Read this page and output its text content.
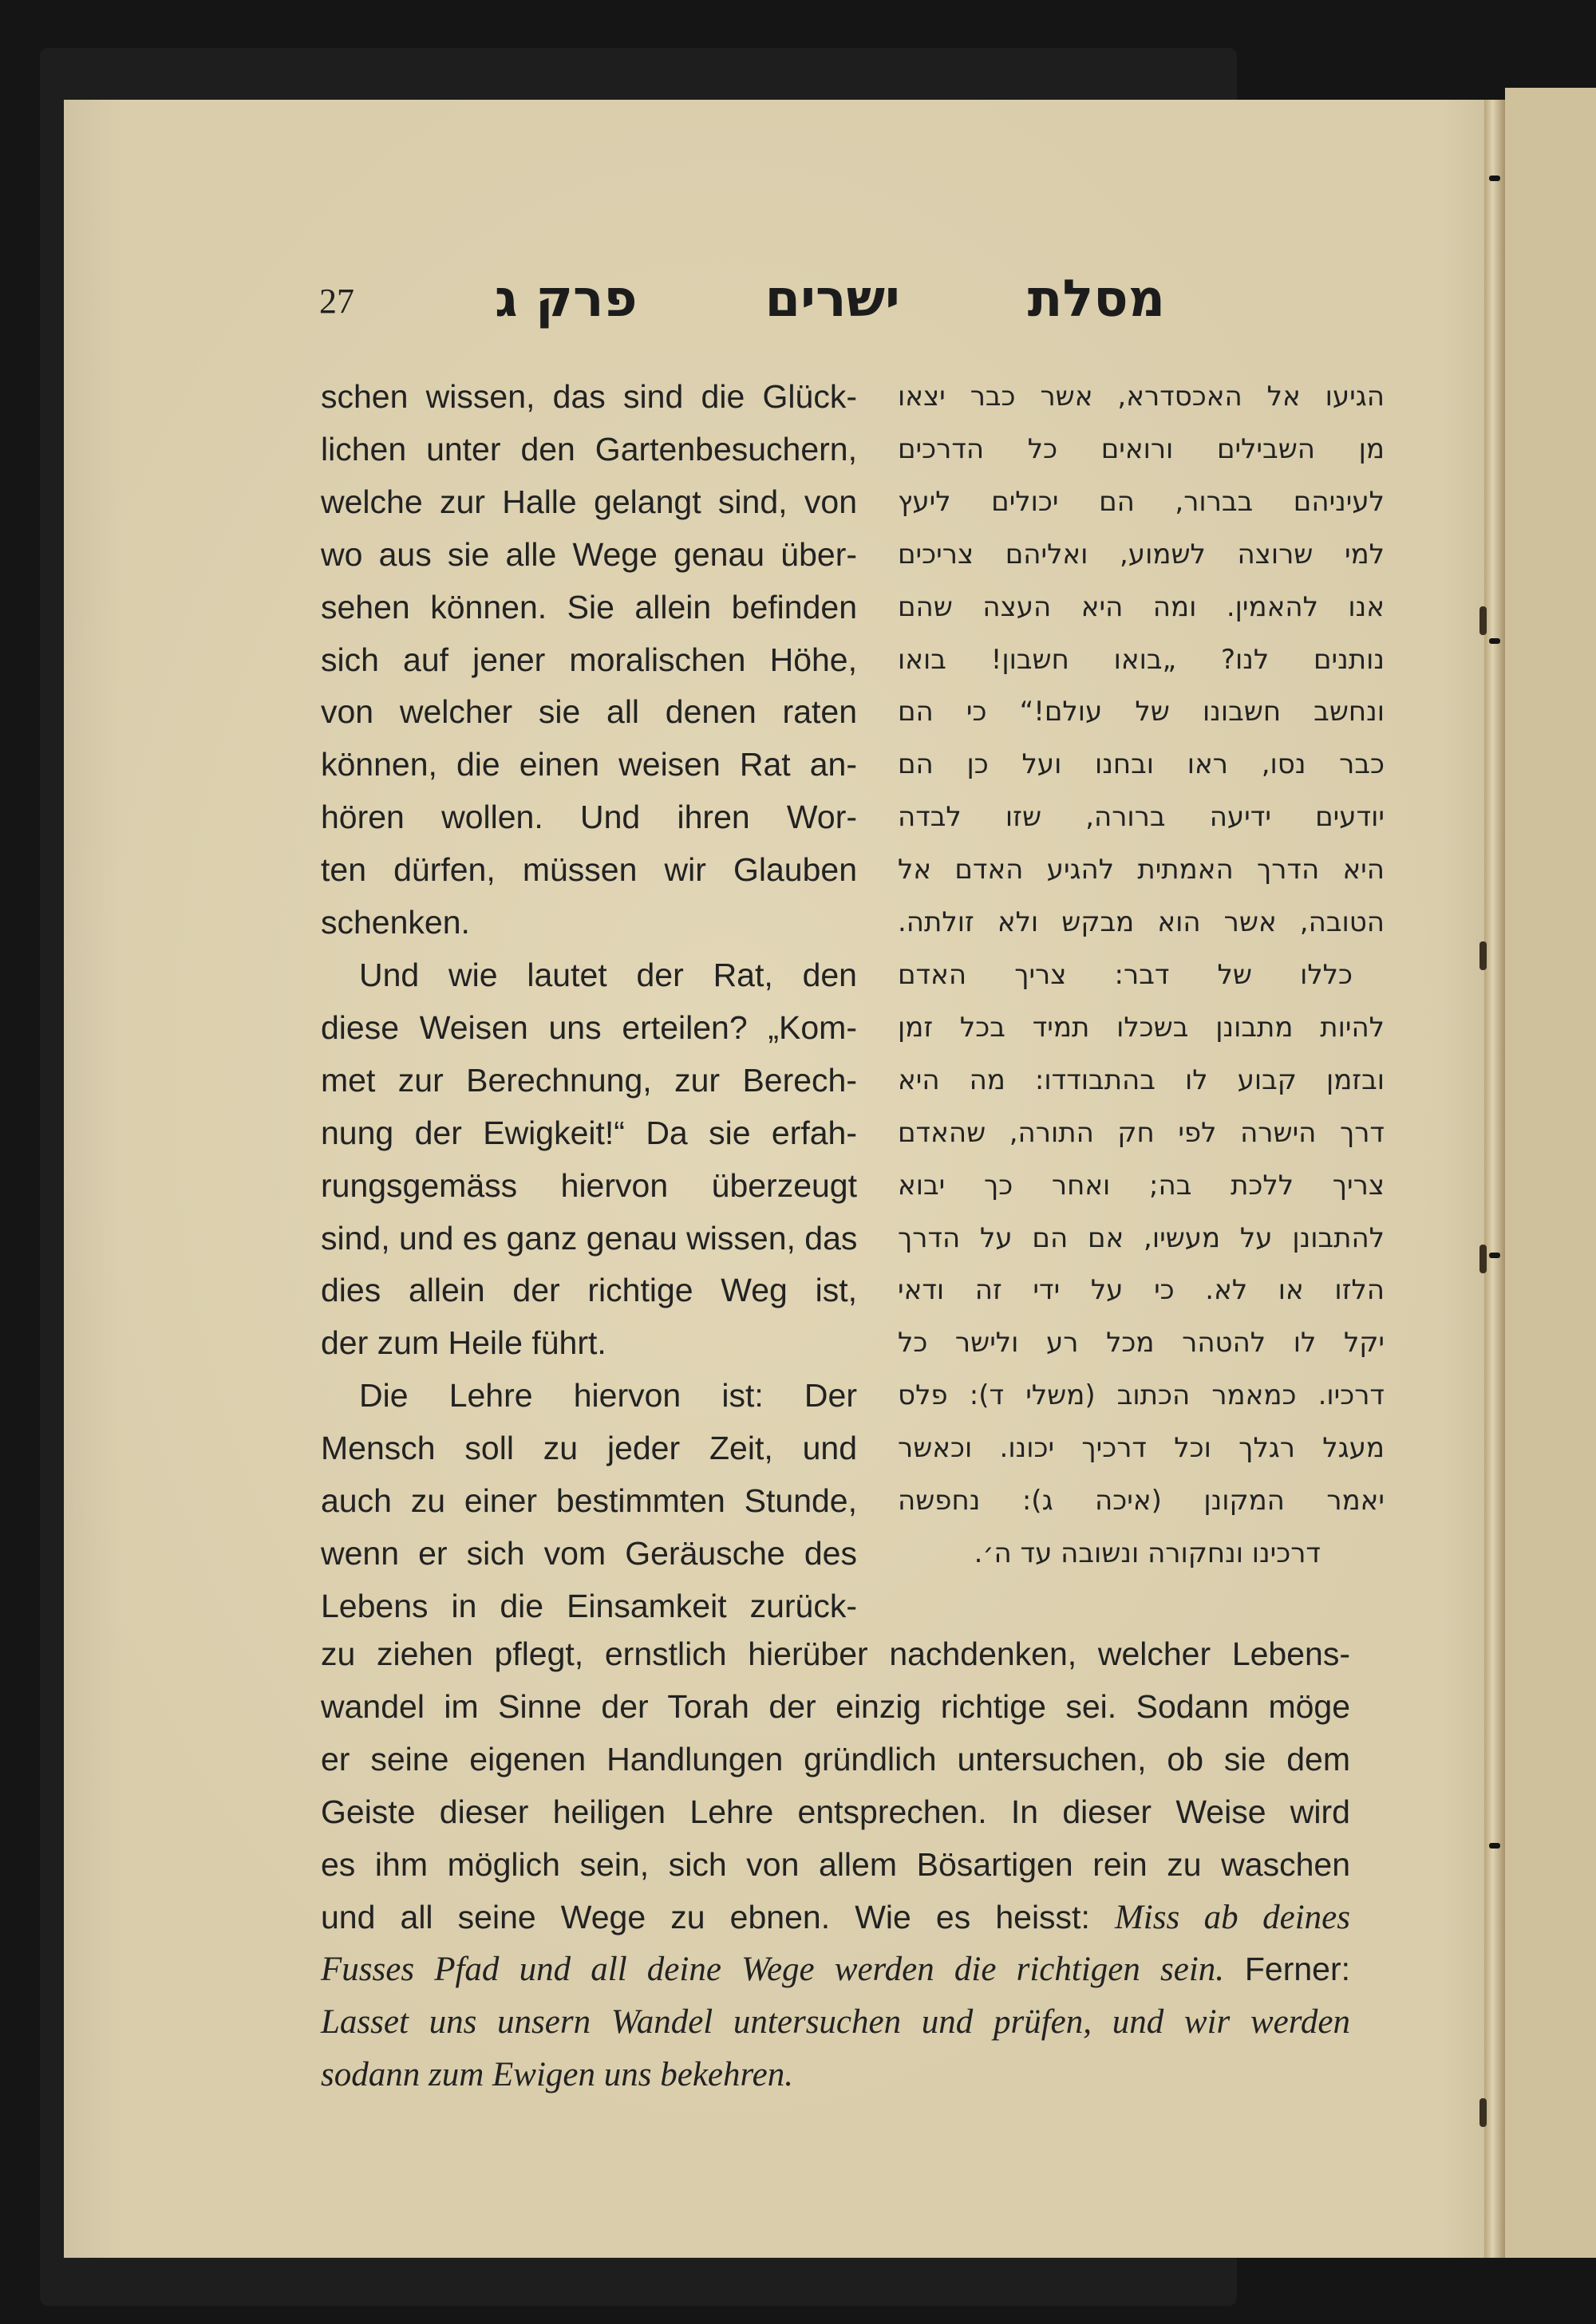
27	מסלת
ישרים
פרק ג
schen wissen, das sind die Glück-
lichen unter den Gartenbesuchern,
welche zur Halle gelangt sind, von
wo aus sie alle Wege genau über-
sehen können. Sie allein befinden
sich auf jener moralischen Höhe,
von welcher sie all denen raten
können, die einen weisen Rat an-
hören wollen. Und ihren Wor-
ten dürfen, müssen wir Glauben
schenken.
Und wie lautet der Rat, den
diese Weisen uns erteilen? „Kom-
met zur Berechnung, zur Berech-
nung der Ewigkeit!“ Da sie erfah-
rungsgemäss hiervon überzeugt
sind, und es ganz genau wissen, das
dies allein der richtige Weg ist,
der zum Heile führt.
Die Lehre hiervon ist: Der
Mensch soll zu jeder Zeit, und
auch zu einer bestimmten Stunde,
wenn er sich vom Geräusche des
Lebens in die Einsamkeit zurück-
הגיעו אל האכסדרא, אשר כבר יצאו
מן השבילים ורואים כל הדרכים
לעיניהם בברור, הם יכולים ליעץ
למי שרוצה לשמוע, ואליהם צריכים
אנו להאמין. ומה היא העצה שהם
נותנים לנו? „בואו חשבון! בואו
ונחשב חשבונו של עולם!“ כי הם
כבר נסו, ראו ובחנו ועל כן הם
יודעים ידיעה ברורה, שזו לבדה
היא הדרך האמתית להגיע האדם אל
הטובה, אשר הוא מבקש ולא זולתה.
כללו של דבר: צריך האדם
להיות מתבונן בשכלו תמיד בכל זמן
ובזמן קבוע לו בהתבודדו: מה היא
דרך הישרה לפי חק התורה, שהאדם
צריך ללכת בה; ואחר כך יבוא
להתבונן על מעשיו, אם הם על הדרך
הלזו או לא. כי על ידי זה ודאי
יקל לו להטהר מכל רע ולישר כל
דרכיו. כמאמר הכתוב (משלי ד): פלס
מעגל רגלך וכל דרכיך יכונו. וכאשר
יאמר המקונן (איכה ג): נחפשה
דרכינו ונחקורה ונשובה עד ה׳.
zu ziehen pflegt, ernstlich hierüber nachdenken, welcher Lebens-
wandel im Sinne der Torah der einzig richtige sei. Sodann möge
er seine eigenen Handlungen gründlich untersuchen, ob sie dem
Geiste dieser heiligen Lehre entsprechen. In dieser Weise wird
es ihm möglich sein, sich von allem Bösartigen rein zu waschen
und all seine Wege zu ebnen. Wie es heisst: Miss ab deines
Fusses Pfad und all deine Wege werden die richtigen sein. Ferner:
Lasset uns unsern Wandel untersuchen und prüfen, und wir werden
sodann zum Ewigen uns bekehren.
